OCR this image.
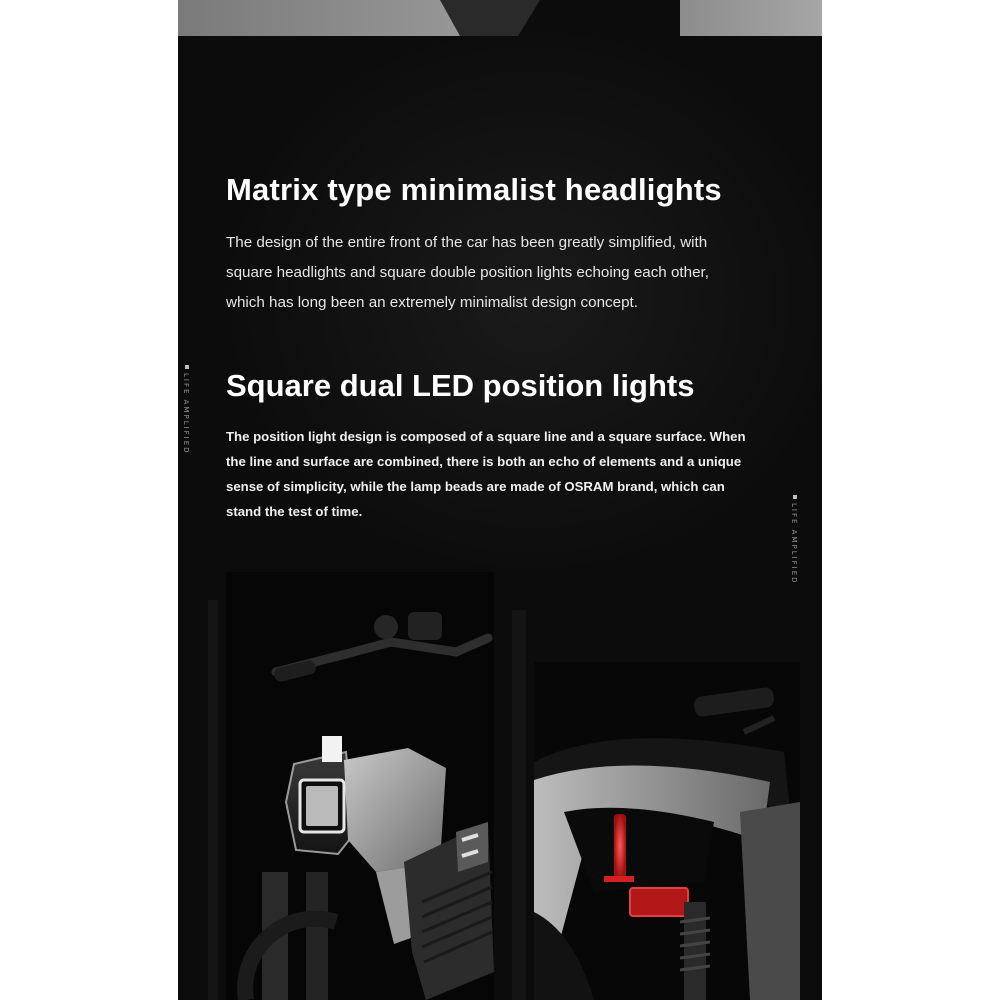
Matrix type minimalist headlights
The design of the entire front of the car has been greatly simplified, with
square headlights and square double position lights echoing each other,
which has long been an extremely minimalist design concept.
Square dual LED position lights
The position light design is composed of a square line and a square surface. When
the line and surface are combined, there is both an echo of elements and a unique
sense of simplicity, while the lamp beads are made of OSRAM brand, which can
stand the test of time.
LIFE AMPLIFIED
LIFE AMPLIFIED
